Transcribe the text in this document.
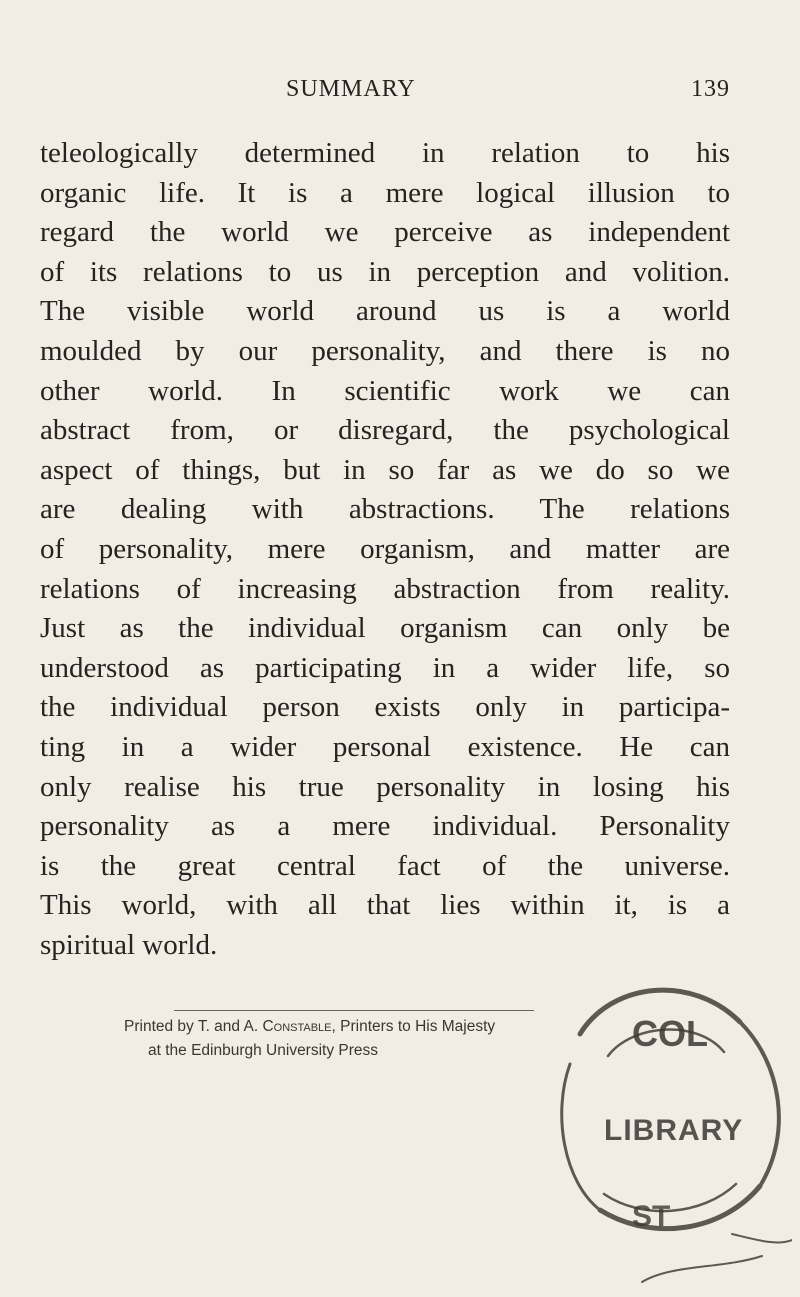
SUMMARY	139
teleologically determined in relation to his
organic life. It is a mere logical illusion to
regard the world we perceive as independent
of its relations to us in perception and volition.
The visible world around us is a world
moulded by our personality, and there is no
other world. In scientific work we can
abstract from, or disregard, the psychological
aspect of things, but in so far as we do so we
are dealing with abstractions. The relations
of personality, mere organism, and matter are
relations of increasing abstraction from reality.
Just as the individual organism can only be
understood as participating in a wider life, so
the individual person exists only in participa-
ting in a wider personal existence. He can
only realise his true personality in losing his
personality as a mere individual. Personality
is the great central fact of the universe.
This world, with all that lies within it, is a
spiritual world.
Printed by T. and A. Constable, Printers to His Majesty
at the Edinburgh University Press	COL
LIBRARY
ST
